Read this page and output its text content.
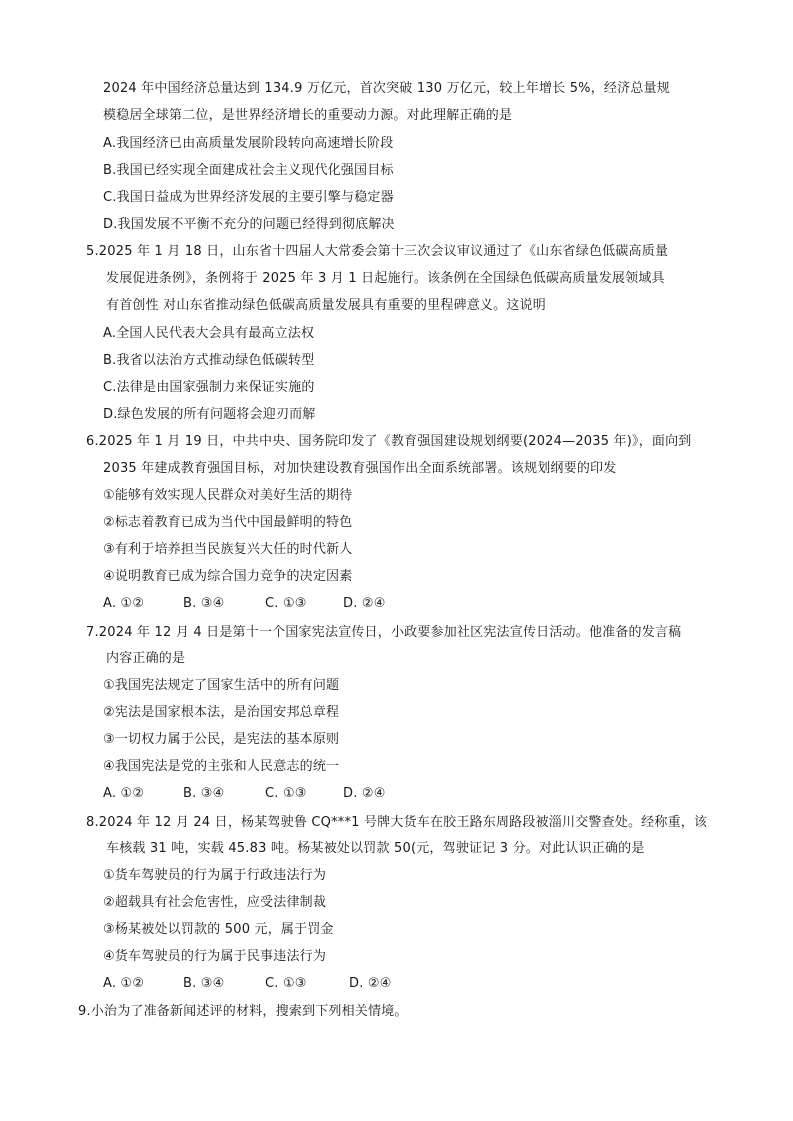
2024 年中国经济总量达到 134.9 万亿元，首次突破 130 万亿元，较上年增长 5%，经济总量规
模稳居全球第二位，是世界经济增长的重要动力源。对此理解正确的是
A.我国经济已由高质量发展阶段转向高速增长阶段
B.我国已经实现全面建成社会主义现代化强国目标
C.我国日益成为世界经济发展的主要引擎与稳定器
D.我国发展不平衡不充分的问题已经得到彻底解决
5.2025 年 1 月 18 日，山东省十四届人大常委会第十三次会议审议通过了《山东省绿色低碳高质量
发展促进条例》，条例将于 2025 年 3 月 1 日起施行。该条例在全国绿色低碳高质量发展领域具
有首创性 对山东省推动绿色低碳高质量发展具有重要的里程碑意义。这说明
A.全国人民代表大会具有最高立法权
B.我省以法治方式推动绿色低碳转型
C.法律是由国家强制力来保证实施的
D.绿色发展的所有问题将会迎刃而解
6.2025 年 1 月 19 日，中共中央、国务院印发了《教育强国建设规划纲要(2024—2035 年)》，面向到
2035 年建成教育强国目标，对加快建设教育强国作出全面系统部署。该规划纲要的印发
①能够有效实现人民群众对美好生活的期待
②标志着教育已成为当代中国最鲜明的特色
③有利于培养担当民族复兴大任的时代新人
④说明教育已成为综合国力竞争的决定因素
A. ①②	B. ③④	C. ①③	D. ②④
7.2024 年 12 月 4 日是第十一个国家宪法宣传日，小政要参加社区宪法宣传日活动。他准备的发言稿
内容正确的是
①我国宪法规定了国家生活中的所有问题
②宪法是国家根本法，是治国安邦总章程
③一切权力属于公民，是宪法的基本原则
④我国宪法是党的主张和人民意志的统一
A. ①②	B. ③④	C. ①③	D. ②④
8.2024 年 12 月 24 日，杨某驾驶鲁 CQ***1 号牌大货车在胶王路东周路段被淄川交警查处。经称重，该
车核载 31 吨，实载 45.83 吨。杨某被处以罚款 50(元，驾驶证记 3 分。对此认识正确的是
①货车驾驶员的行为属于行政违法行为
②超载具有社会危害性，应受法律制裁
③杨某被处以罚款的 500 元，属于罚金
④货车驾驶员的行为属于民事违法行为
A. ①②	B. ③④	C. ①③	D. ②④
9.小治为了准备新闻述评的材料，搜索到下列相关情境。
